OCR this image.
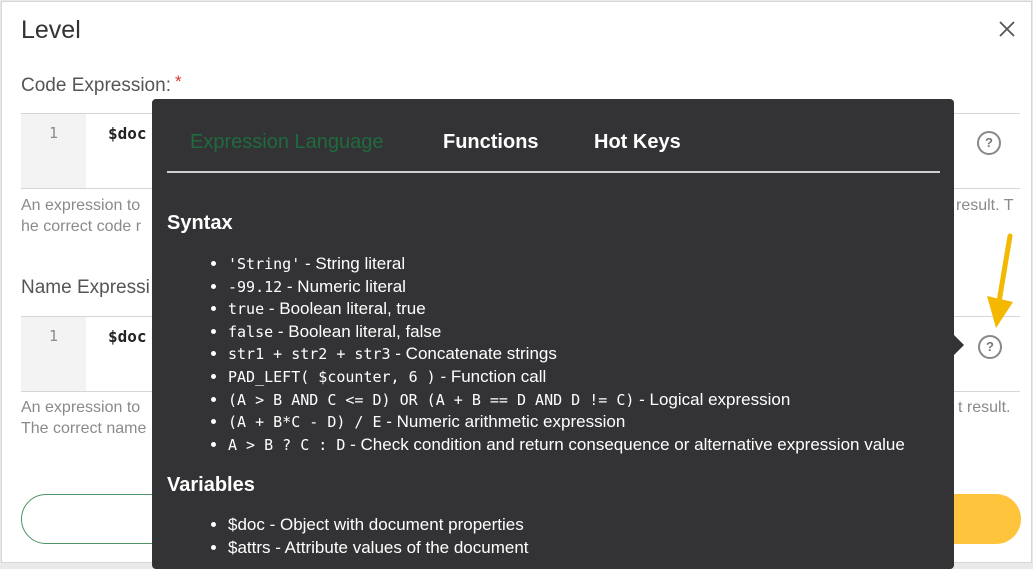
Level
Code Expression: *
1	$doc	?
An expression to
he correct code r
result. T
Name Expressi
1	$doc
?
An expression to
The correct name
t result.
Expression Language	Functions	Hot Keys
Syntax
• 'String' - String literal
• -99.12 - Numeric literal
• true - Boolean literal, true
• false - Boolean literal, false
• str1 + str2 + str3 - Concatenate strings
• PAD_LEFT( $counter, 6 ) - Function call
• (A > B AND C <= D) OR (A + B == D AND D != C) - Logical expression
• (A + B*C - D) / E - Numeric arithmetic expression
• A > B ? C : D - Check condition and return consequence or alternative expression value
Variables
• $doc - Object with document properties
• $attrs - Attribute values of the document
